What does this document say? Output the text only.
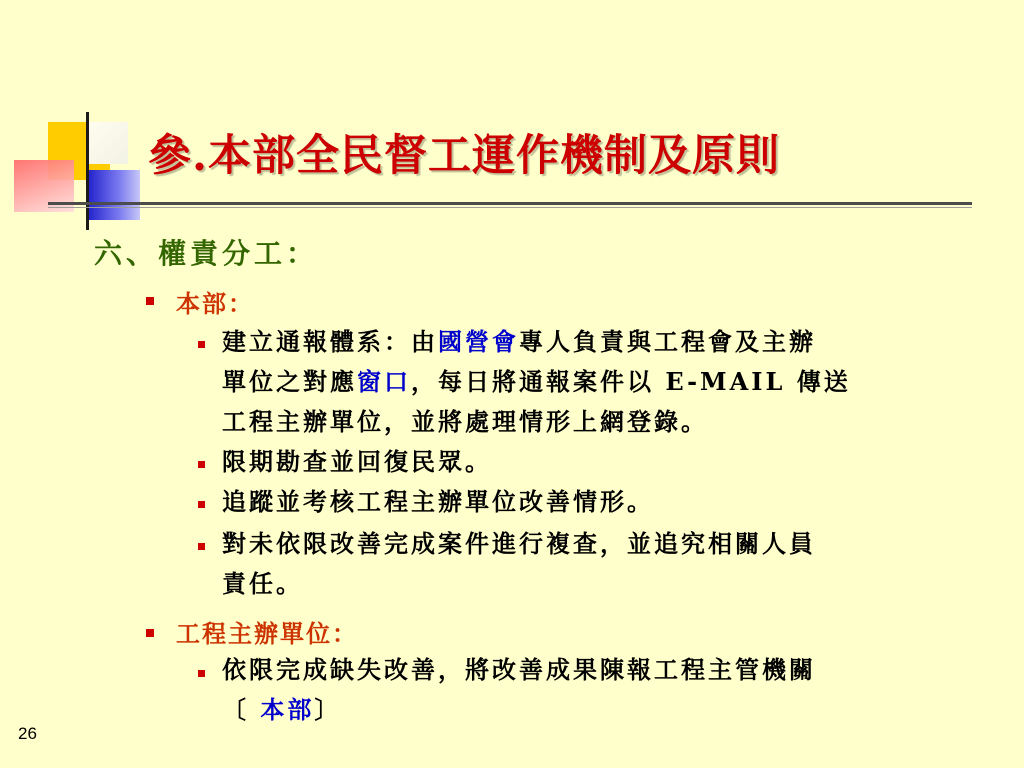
參.本部全民督工運作機制及原則
六、權責分工：
本部：
建立通報體系：由國營會專人負責與工程會及主辦
單位之對應窗口，每日將通報案件以 E-MAIL 傳送
工程主辦單位，並將處理情形上網登錄。
限期勘查並回復民眾。
追蹤並考核工程主辦單位改善情形。
對未依限改善完成案件進行複查，並追究相關人員
責任。
工程主辦單位：
依限完成缺失改善，將改善成果陳報工程主管機關
〔 本部〕
26
